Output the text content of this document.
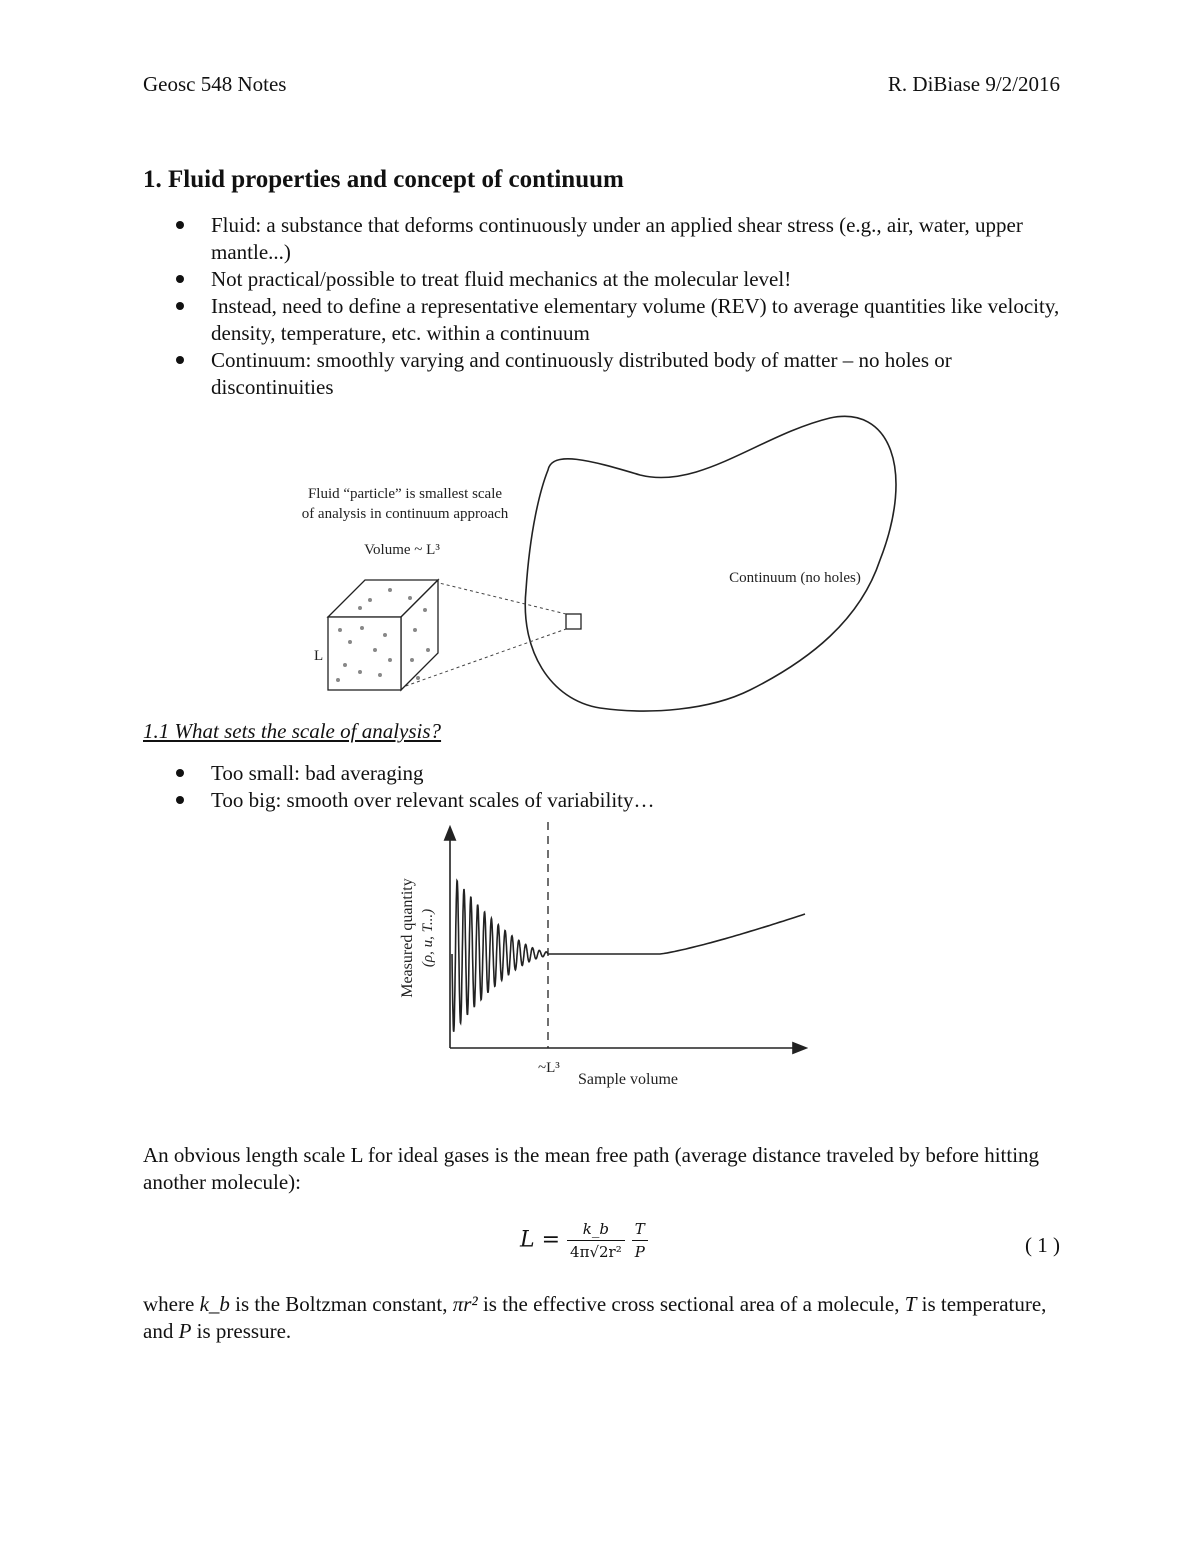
Geosc 548 Notes	R. DiBiase 9/2/2016
1. Fluid properties and concept of continuum
Fluid: a substance that deforms continuously under an applied shear stress (e.g., air, water, upper mantle...)
Not practical/possible to treat fluid mechanics at the molecular level!
Instead, need to define a representative elementary volume (REV) to average quantities like velocity, density, temperature, etc. within a continuum
Continuum: smoothly varying and continuously distributed body of matter – no holes or discontinuities
Fluid “particle” is smallest scale
of analysis in continuum approach
Volume ~ L³
L
Continuum (no holes)
1.1 What sets the scale of analysis?
Too small: bad averaging
Too big: smooth over relevant scales of variability…
~L³
Sample volume
Measured quantity (ρ, u, T...)
An obvious length scale L for ideal gases is the mean free path (average distance traveled by before hitting another molecule):
$L = \frac{k\_b}{\text{4π√2r²}}$
$\frac{T}{P}$	( 1 )
where k_b is the Boltzman constant, πr² is the effective cross sectional area of a molecule, T is temperature, and P is pressure.
